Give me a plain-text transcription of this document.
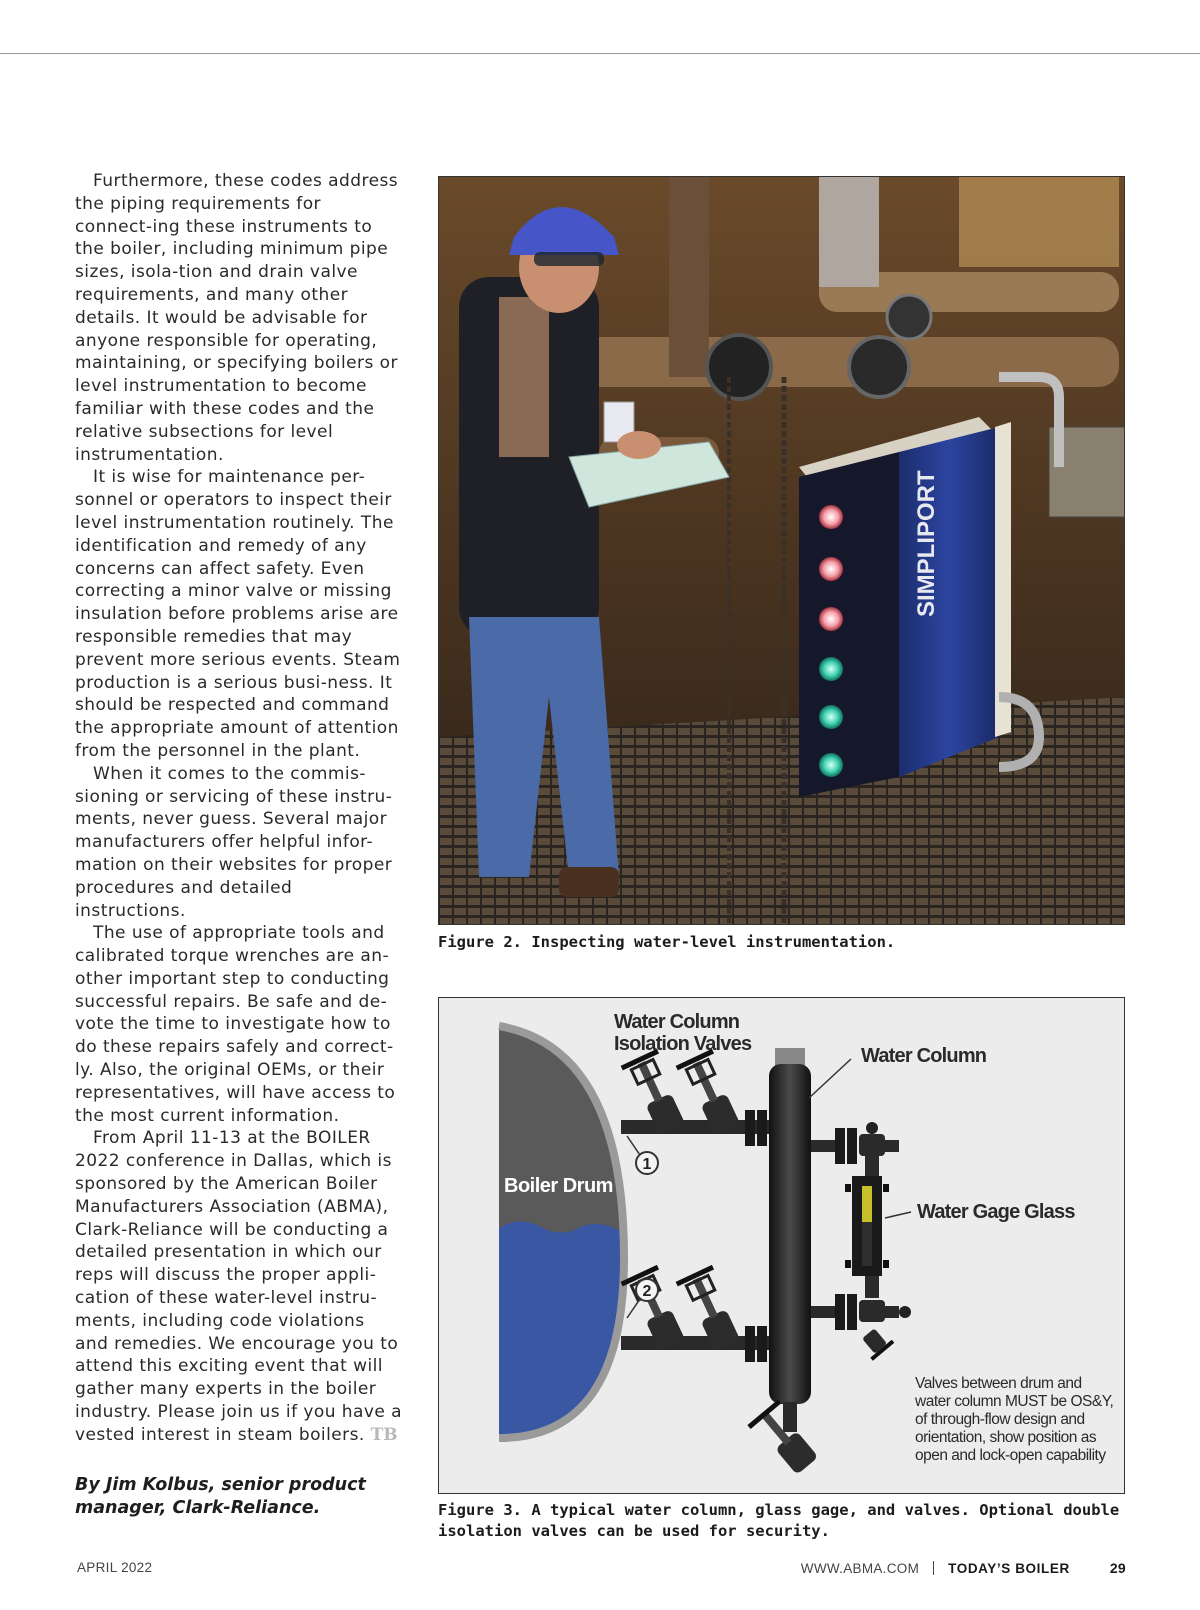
Furthermore, these codes address the piping requirements for connect-ing these instruments to the boiler, including minimum pipe sizes, isola-tion and drain valve requirements, and many other details. It would be advisable for anyone responsible for operating, maintaining, or specifying boilers or level instrumentation to become familiar with these codes and the relative subsections for level instrumentation.

It is wise for maintenance per-sonnel or operators to inspect their level instrumentation routinely. The identification and remedy of any concerns can affect safety. Even correcting a minor valve or missing insulation before problems arise are responsible remedies that may prevent more serious events. Steam production is a serious busi-ness. It should be respected and command the appropriate amount of attention from the personnel in the plant.

When it comes to the commis-sioning or servicing of these instru-ments, never guess. Several major manufacturers offer helpful infor-mation on their websites for proper procedures and detailed instructions.

The use of appropriate tools and calibrated torque wrenches are an-other important step to conducting successful repairs. Be safe and de-vote the time to investigate how to do these repairs safely and correct-ly. Also, the original OEMs, or their representatives, will have access to the most current information.

From April 11-13 at the BOILER 2022 conference in Dallas, which is sponsored by the American Boiler Manufacturers Association (ABMA), Clark-Reliance will be conducting a detailed presentation in which our reps will discuss the proper appli-cation of these water-level instru-ments, including code violations and remedies. We encourage you to attend this exciting event that will gather many experts in the boiler industry. Please join us if you have a vested interest in steam boilers. TB

By Jim Kolbus, senior product manager, Clark-Reliance.
SIMPLIPORT
Figure 2. Inspecting water-level instrumentation.
Boiler Drum
1
2
Water Column
Isolation Valves
Water Column
Water Gage Glass
Valves between drum and
water column MUST be OS&Y,
of through-flow design and
orientation, show position as
open and lock-open capability
Figure 3. A typical water column, glass gage, and valves. Optional double isolation valves can be used for security.
APRIL 2022	WWW.ABMA.COM TODAY’S BOILER	29
